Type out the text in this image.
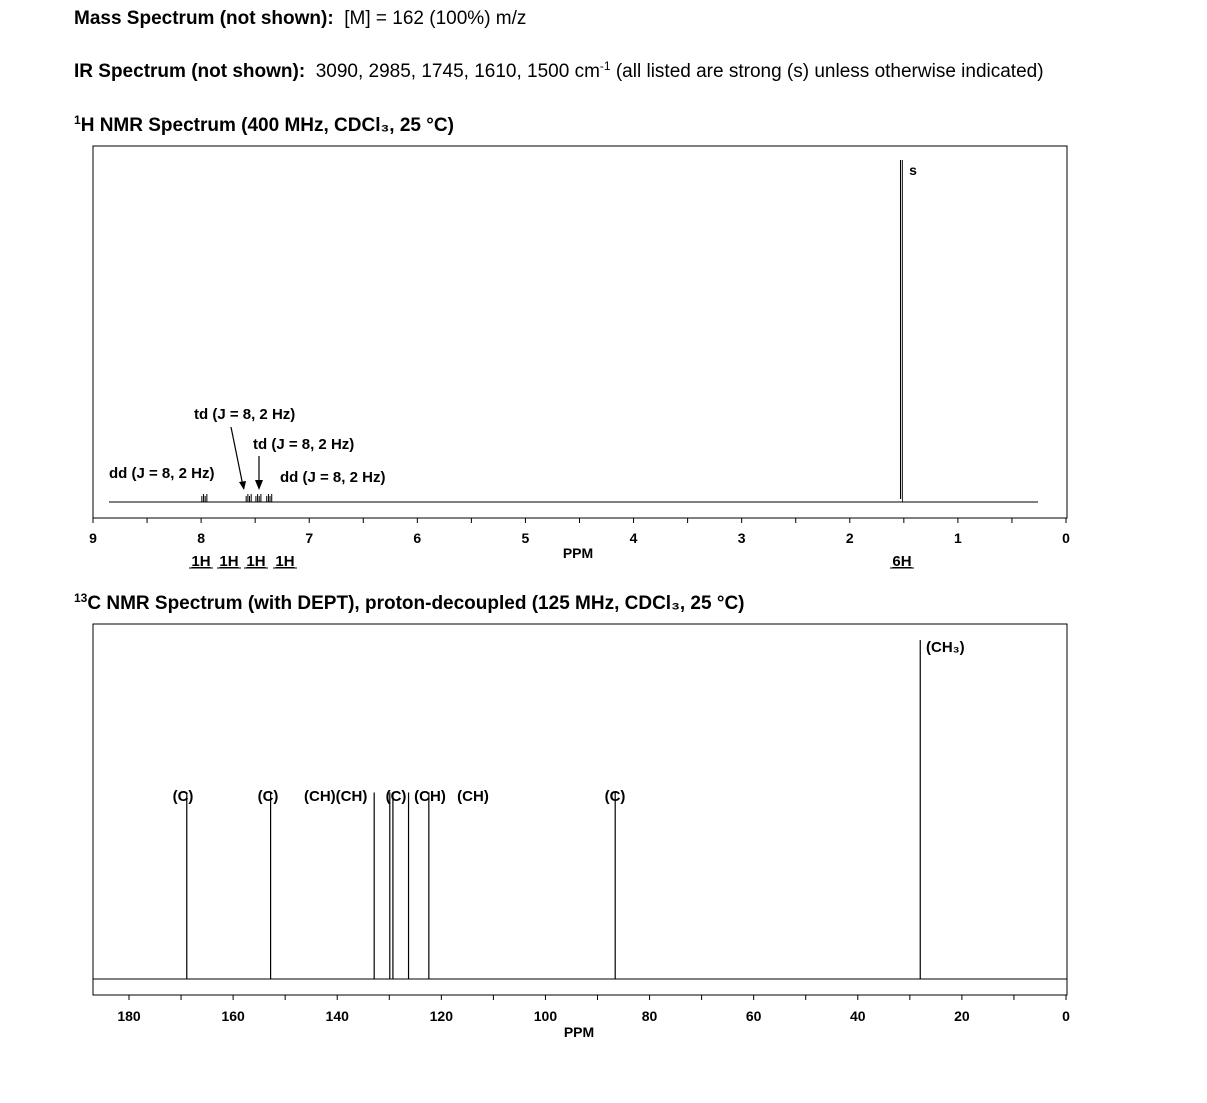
Mass Spectrum (not shown): [M] = 162 (100%) m/z
IR Spectrum (not shown): 3090, 2985, 1745, 1610, 1500 $cm^{-1}$ (all listed are strong (s) unless otherwise indicated)
$^1$H NMR Spectrum (400 MHz, CDCl₃, 25 °C)
$^{13}$C NMR Spectrum (with DEPT), proton-decoupled (125 MHz, CDCl₃, 25 °C)
9	8	7	6	5	4	3	2	1	0
PPM
dd (J = 8, 2 Hz)
td (J = 8, 2 Hz)
td (J = 8, 2 Hz)
dd (J = 8, 2 Hz)
s
1H 1H 1H 1H	6H
180	160	140	120	100	80	60	40	20	0
PPM
(C)	(C) (CH)(CH) (C) (CH) (CH)	(C)
(CH₃)
